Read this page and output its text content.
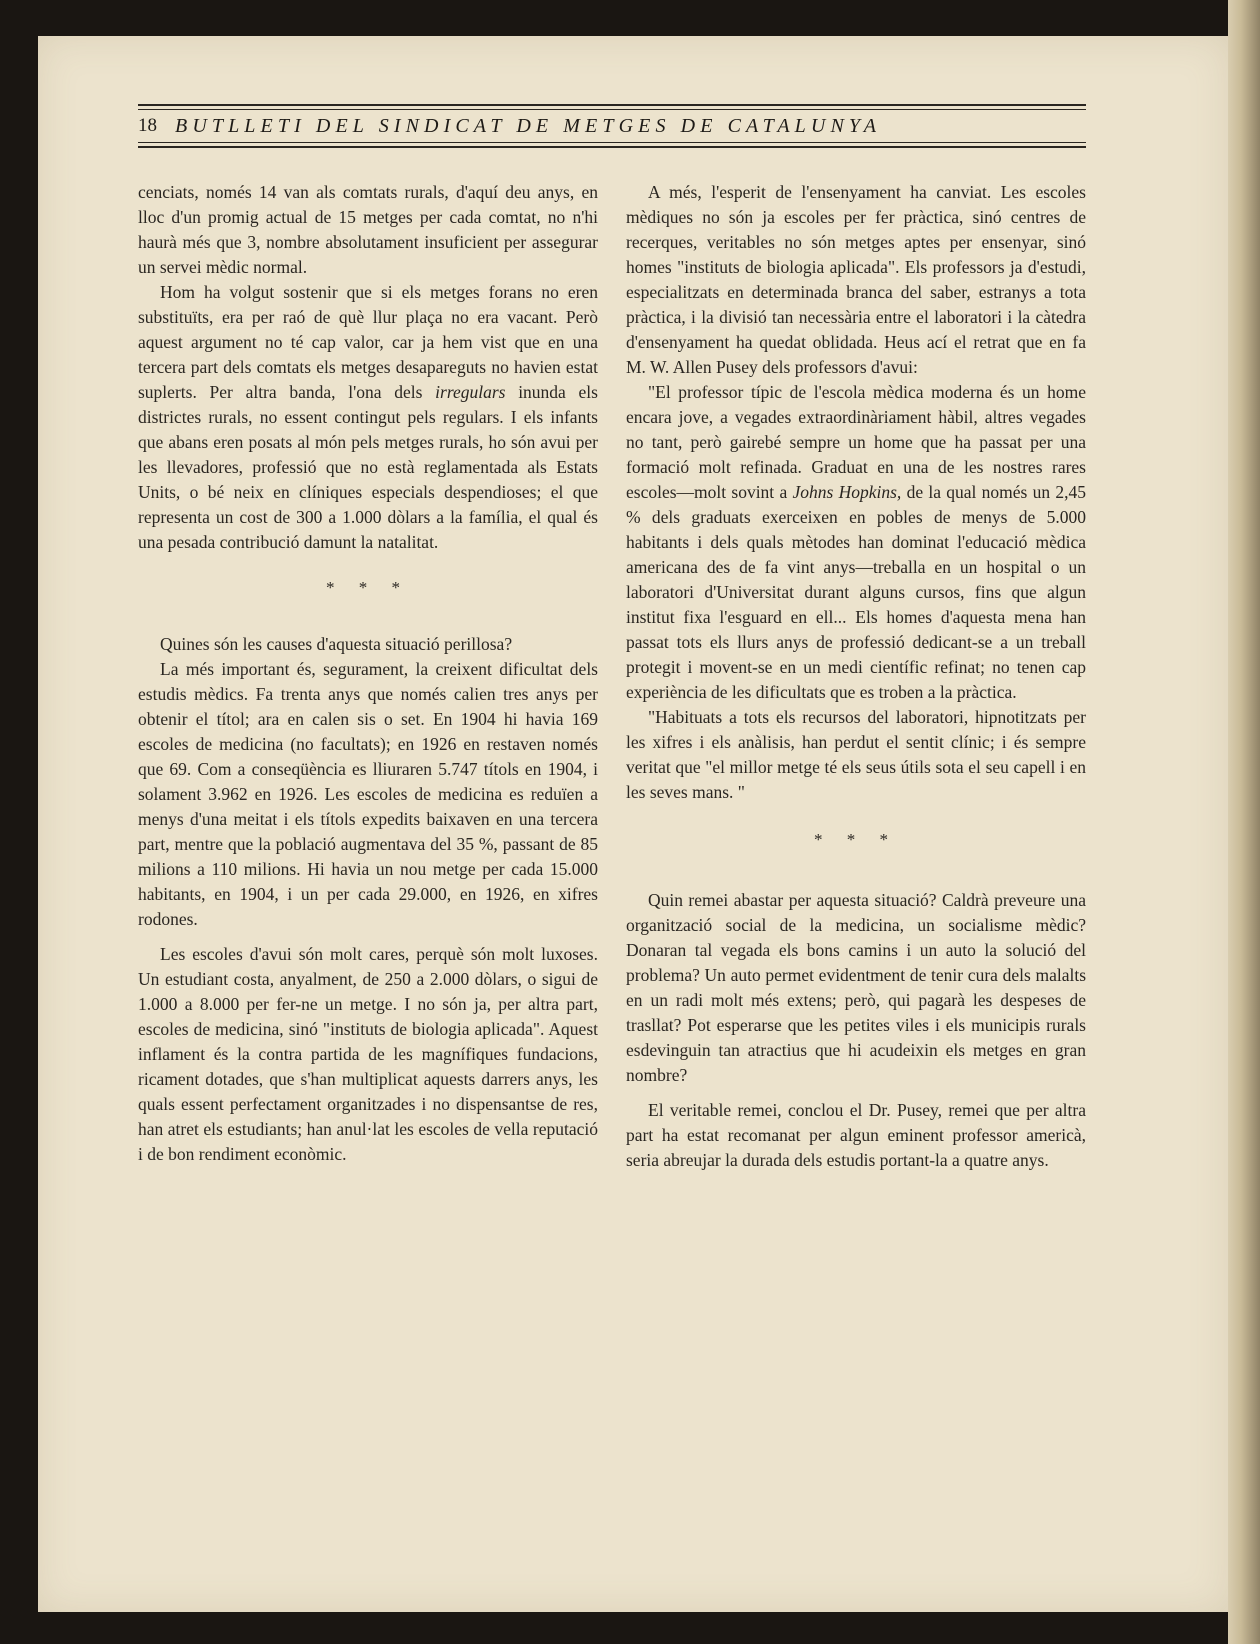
18 BUTLLETI DEL SINDICAT DE METGES DE CATALUNYA

cenciats, només 14 van als comtats rurals, d'aquí deu anys, en lloc d'un promig actual de 15 metges per cada comtat, no n'hi haurà més que 3, nombre absolutament insuficient per assegurar un servei mèdic normal.

Hom ha volgut sostenir que si els metges forans no eren substituïts, era per raó de què llur plaça no era vacant. Però aquest argument no té cap valor, car ja hem vist que en una tercera part dels comtats els metges desapareguts no havien estat suplerts. Per altra banda, l'ona dels irregulars inunda els districtes rurals, no essent contingut pels regulars. I els infants que abans eren posats al món pels metges rurals, ho són avui per les llevadores, professió que no està reglamentada als Estats Units, o bé neix en clíniques especials despendioses; el que representa un cost de 300 a 1.000 dòlars a la família, el qual és una pesada contribució damunt la natalitat.

* * *

Quines són les causes d'aquesta situació perillosa?

La més important és, segurament, la creixent dificultat dels estudis mèdics. Fa trenta anys que només calien tres anys per obtenir el títol; ara en calen sis o set. En 1904 hi havia 169 escoles de medicina (no facultats); en 1926 en restaven només que 69. Com a conseqüència es lliuraren 5.747 títols en 1904, i solament 3.962 en 1926. Les escoles de medicina es reduïen a menys d'una meitat i els títols expedits baixaven en una tercera part, mentre que la població augmentava del 35 %, passant de 85 milions a 110 milions. Hi havia un nou metge per cada 15.000 habitants, en 1904, i un per cada 29.000, en 1926, en xifres rodones.

Les escoles d'avui són molt cares, perquè són molt luxoses. Un estudiant costa, anyalment, de 250 a 2.000 dòlars, o sigui de 1.000 a 8.000 per fer-ne un metge. I no són ja, per altra part, escoles de medicina, sinó "instituts de biologia aplicada". Aquest inflament és la contra partida de les magnífiques fundacions, ricament dotades, que s'han multiplicat aquests darrers anys, les quals essent perfectament organitzades i no dispensantse de res, han atret els estudiants; han anul·lat les escoles de vella reputació i de bon rendiment econòmic.

A més, l'esperit de l'ensenyament ha canviat. Les escoles mèdiques no són ja escoles per fer pràctica, sinó centres de recerques, veritables no són metges aptes per ensenyar, sinó homes "instituts de biologia aplicada". Els professors ja d'estudi, especialitzats en determinada branca del saber, estranys a tota pràctica, i la divisió tan necessària entre el laboratori i la càtedra d'ensenyament ha quedat oblidada. Heus ací el retrat que en fa M. W. Allen Pusey dels professors d'avui:

"El professor típic de l'escola mèdica moderna és un home encara jove, a vegades extraordinàriament hàbil, altres vegades no tant, però gairebé sempre un home que ha passat per una formació molt refinada. Graduat en una de les nostres rares escoles—molt sovint a Johns Hopkins, de la qual només un 2,45 % dels graduats exerceixen en pobles de menys de 5.000 habitants i dels quals mètodes han dominat l'educació mèdica americana des de fa vint anys—treballa en un hospital o un laboratori d'Universitat durant alguns cursos, fins que algun institut fixa l'esguard en ell... Els homes d'aquesta mena han passat tots els llurs anys de professió dedicant-se a un treball protegit i movent-se en un medi científic refinat; no tenen cap experiència de les dificultats que es troben a la pràctica.

"Habituats a tots els recursos del laboratori, hipnotitzats per les xifres i els anàlisis, han perdut el sentit clínic; i és sempre veritat que "el millor metge té els seus útils sota el seu capell i en les seves mans. "

* * *

Quin remei abastar per aquesta situació? Caldrà preveure una organització social de la medicina, un socialisme mèdic? Donaran tal vegada els bons camins i un auto la solució del problema? Un auto permet evidentment de tenir cura dels malalts en un radi molt més extens; però, qui pagarà les despeses de trasllat? Pot esperarse que les petites viles i els municipis rurals esdevinguin tan atractius que hi acudeixin els metges en gran nombre?

El veritable remei, conclou el Dr. Pusey, remei que per altra part ha estat recomanat per algun eminent professor americà, seria abreujar la durada dels estudis portant-la a quatre anys.
